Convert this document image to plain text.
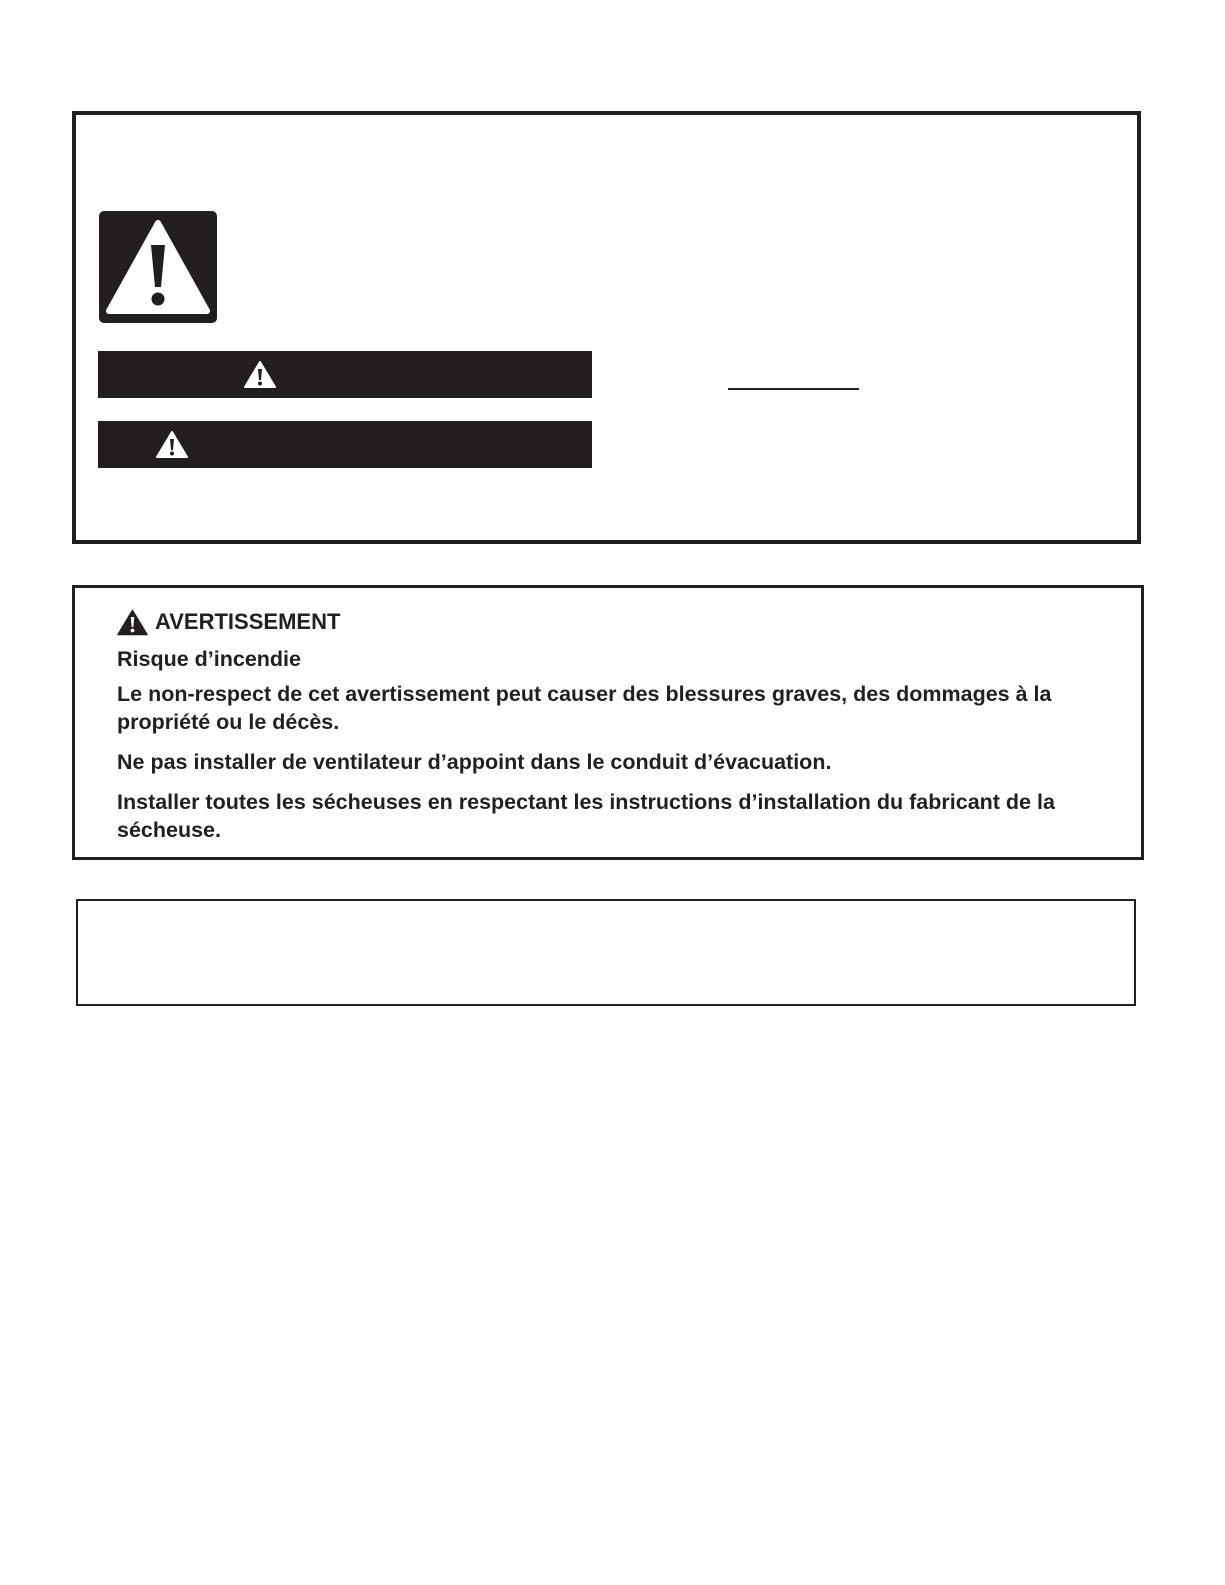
AVERTISSEMENT

Risque d’incendie

Le non-respect de cet avertissement peut causer des blessures graves, des dommages à la propriété ou le décès.

Ne pas installer de ventilateur d’appoint dans le conduit d’évacuation.

Installer toutes les sécheuses en respectant les instructions d’installation du fabricant de la sécheuse.
